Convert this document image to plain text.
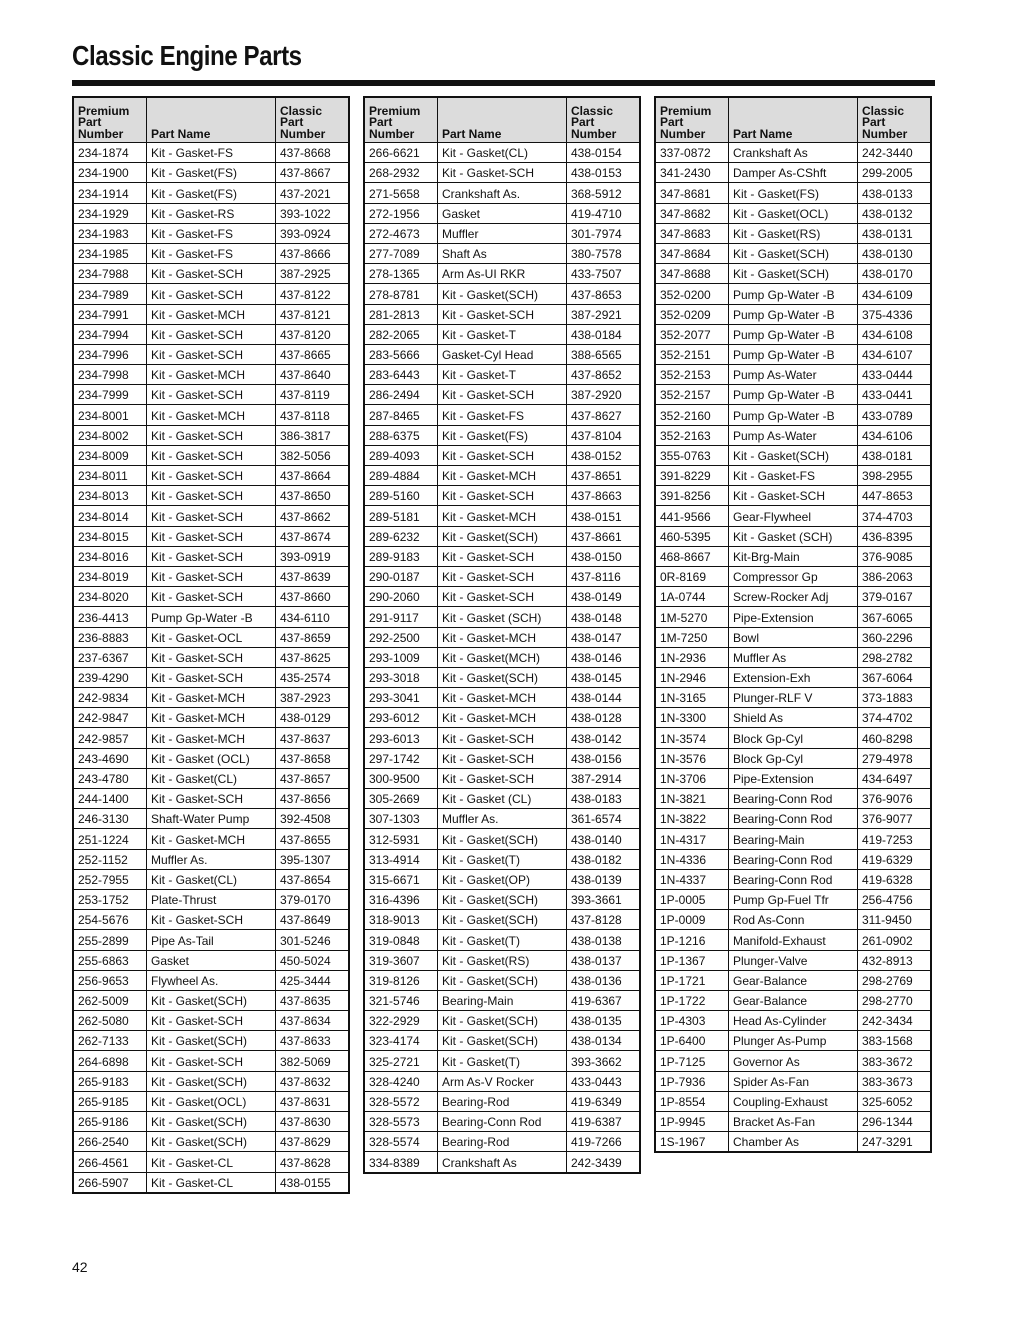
Classic Engine Parts
Premium
Part
Number	Part Name	Classic
Part
Number
234-1874	Kit - Gasket-FS	437-8668
234-1900	Kit - Gasket(FS)	437-8667
234-1914	Kit - Gasket(FS)	437-2021
234-1929	Kit - Gasket-RS	393-1022
234-1983	Kit - Gasket-FS	393-0924
234-1985	Kit - Gasket-FS	437-8666
234-7988	Kit - Gasket-SCH	387-2925
234-7989	Kit - Gasket-SCH	437-8122
234-7991	Kit - Gasket-MCH	437-8121
234-7994	Kit - Gasket-SCH	437-8120
234-7996	Kit - Gasket-SCH	437-8665
234-7998	Kit - Gasket-MCH	437-8640
234-7999	Kit - Gasket-SCH	437-8119
234-8001	Kit - Gasket-MCH	437-8118
234-8002	Kit - Gasket-SCH	386-3817
234-8009	Kit - Gasket-SCH	382-5056
234-8011	Kit - Gasket-SCH	437-8664
234-8013	Kit - Gasket-SCH	437-8650
234-8014	Kit - Gasket-SCH	437-8662
234-8015	Kit - Gasket-SCH	437-8674
234-8016	Kit - Gasket-SCH	393-0919
234-8019	Kit - Gasket-SCH	437-8639
234-8020	Kit - Gasket-SCH	437-8660
236-4413	Pump Gp-Water -B	434-6110
236-8883	Kit - Gasket-OCL	437-8659
237-6367	Kit - Gasket-SCH	437-8625
239-4290	Kit - Gasket-SCH	435-2574
242-9834	Kit - Gasket-MCH	387-2923
242-9847	Kit - Gasket-MCH	438-0129
242-9857	Kit - Gasket-MCH	437-8637
243-4690	Kit - Gasket (OCL)	437-8658
243-4780	Kit - Gasket(CL)	437-8657
244-1400	Kit - Gasket-SCH	437-8656
246-3130	Shaft-Water Pump	392-4508
251-1224	Kit - Gasket-MCH	437-8655
252-1152	Muffler As.	395-1307
252-7955	Kit - Gasket(CL)	437-8654
253-1752	Plate-Thrust	379-0170
254-5676	Kit - Gasket-SCH	437-8649
255-2899	Pipe As-Tail	301-5246
255-6863	Gasket	450-5024
256-9653	Flywheel As.	425-3444
262-5009	Kit - Gasket(SCH)	437-8635
262-5080	Kit - Gasket-SCH	437-8634
262-7133	Kit - Gasket(SCH)	437-8633
264-6898	Kit - Gasket-SCH	382-5069
265-9183	Kit - Gasket(SCH)	437-8632
265-9185	Kit - Gasket(OCL)	437-8631
265-9186	Kit - Gasket(SCH)	437-8630
266-2540	Kit - Gasket(SCH)	437-8629
266-4561	Kit - Gasket-CL	437-8628
266-5907	Kit - Gasket-CL	438-0155
Premium
Part
Number	Part Name	Classic
Part
Number
266-6621	Kit - Gasket(CL)	438-0154
268-2932	Kit - Gasket-SCH	438-0153
271-5658	Crankshaft As.	368-5912
272-1956	Gasket	419-4710
272-4673	Muffler	301-7974
277-7089	Shaft As	380-7578
278-1365	Arm As-UI RKR	433-7507
278-8781	Kit - Gasket(SCH)	437-8653
281-2813	Kit - Gasket-SCH	387-2921
282-2065	Kit - Gasket-T	438-0184
283-5666	Gasket-Cyl Head	388-6565
283-6443	Kit - Gasket-T	437-8652
286-2494	Kit - Gasket-SCH	387-2920
287-8465	Kit - Gasket-FS	437-8627
288-6375	Kit - Gasket(FS)	437-8104
289-4093	Kit - Gasket-SCH	438-0152
289-4884	Kit - Gasket-MCH	437-8651
289-5160	Kit - Gasket-SCH	437-8663
289-5181	Kit - Gasket-MCH	438-0151
289-6232	Kit - Gasket(SCH)	437-8661
289-9183	Kit - Gasket-SCH	438-0150
290-0187	Kit - Gasket-SCH	437-8116
290-2060	Kit - Gasket-SCH	438-0149
291-9117	Kit - Gasket (SCH)	438-0148
292-2500	Kit - Gasket-MCH	438-0147
293-1009	Kit - Gasket(MCH)	438-0146
293-3018	Kit - Gasket(SCH)	438-0145
293-3041	Kit - Gasket-MCH	438-0144
293-6012	Kit - Gasket-MCH	438-0128
293-6013	Kit - Gasket-SCH	438-0142
297-1742	Kit - Gasket-SCH	438-0156
300-9500	Kit - Gasket-SCH	387-2914
305-2669	Kit - Gasket (CL)	438-0183
307-1303	Muffler As.	361-6574
312-5931	Kit - Gasket(SCH)	438-0140
313-4914	Kit - Gasket(T)	438-0182
315-6671	Kit - Gasket(OP)	438-0139
316-4396	Kit - Gasket(SCH)	393-3661
318-9013	Kit - Gasket(SCH)	437-8128
319-0848	Kit - Gasket(T)	438-0138
319-3607	Kit - Gasket(RS)	438-0137
319-8126	Kit - Gasket(SCH)	438-0136
321-5746	Bearing-Main	419-6367
322-2929	Kit - Gasket(SCH)	438-0135
323-4174	Kit - Gasket(SCH)	438-0134
325-2721	Kit - Gasket(T)	393-3662
328-4240	Arm As-V Rocker	433-0443
328-5572	Bearing-Rod	419-6349
328-5573	Bearing-Conn Rod	419-6387
328-5574	Bearing-Rod	419-7266
334-8389	Crankshaft As	242-3439
Premium
Part
Number	Part Name	Classic
Part
Number
337-0872	Crankshaft As	242-3440
341-2430	Damper As-CShft	299-2005
347-8681	Kit - Gasket(FS)	438-0133
347-8682	Kit - Gasket(OCL)	438-0132
347-8683	Kit - Gasket(RS)	438-0131
347-8684	Kit - Gasket(SCH)	438-0130
347-8688	Kit - Gasket(SCH)	438-0170
352-0200	Pump Gp-Water -B	434-6109
352-0209	Pump Gp-Water -B	375-4336
352-2077	Pump Gp-Water -B	434-6108
352-2151	Pump Gp-Water -B	434-6107
352-2153	Pump As-Water	433-0444
352-2157	Pump Gp-Water -B	433-0441
352-2160	Pump Gp-Water -B	433-0789
352-2163	Pump As-Water	434-6106
355-0763	Kit - Gasket(SCH)	438-0181
391-8229	Kit - Gasket-FS	398-2955
391-8256	Kit - Gasket-SCH	447-8653
441-9566	Gear-Flywheel	374-4703
460-5395	Kit - Gasket (SCH)	436-8395
468-8667	Kit-Brg-Main	376-9085
0R-8169	Compressor Gp	386-2063
1A-0744	Screw-Rocker Adj	379-0167
1M-5270	Pipe-Extension	367-6065
1M-7250	Bowl	360-2296
1N-2936	Muffler As	298-2782
1N-2946	Extension-Exh	367-6064
1N-3165	Plunger-RLF V	373-1883
1N-3300	Shield As	374-4702
1N-3574	Block Gp-Cyl	460-8298
1N-3576	Block Gp-Cyl	279-4978
1N-3706	Pipe-Extension	434-6497
1N-3821	Bearing-Conn Rod	376-9076
1N-3822	Bearing-Conn Rod	376-9077
1N-4317	Bearing-Main	419-7253
1N-4336	Bearing-Conn Rod	419-6329
1N-4337	Bearing-Conn Rod	419-6328
1P-0005	Pump Gp-Fuel Tfr	256-4756
1P-0009	Rod As-Conn	311-9450
1P-1216	Manifold-Exhaust	261-0902
1P-1367	Plunger-Valve	432-8913
1P-1721	Gear-Balance	298-2769
1P-1722	Gear-Balance	298-2770
1P-4303	Head As-Cylinder	242-3434
1P-6400	Plunger As-Pump	383-1568
1P-7125	Governor As	383-3672
1P-7936	Spider As-Fan	383-3673
1P-8554	Coupling-Exhaust	325-6052
1P-9945	Bracket As-Fan	296-1344
1S-1967	Chamber As	247-3291
42
